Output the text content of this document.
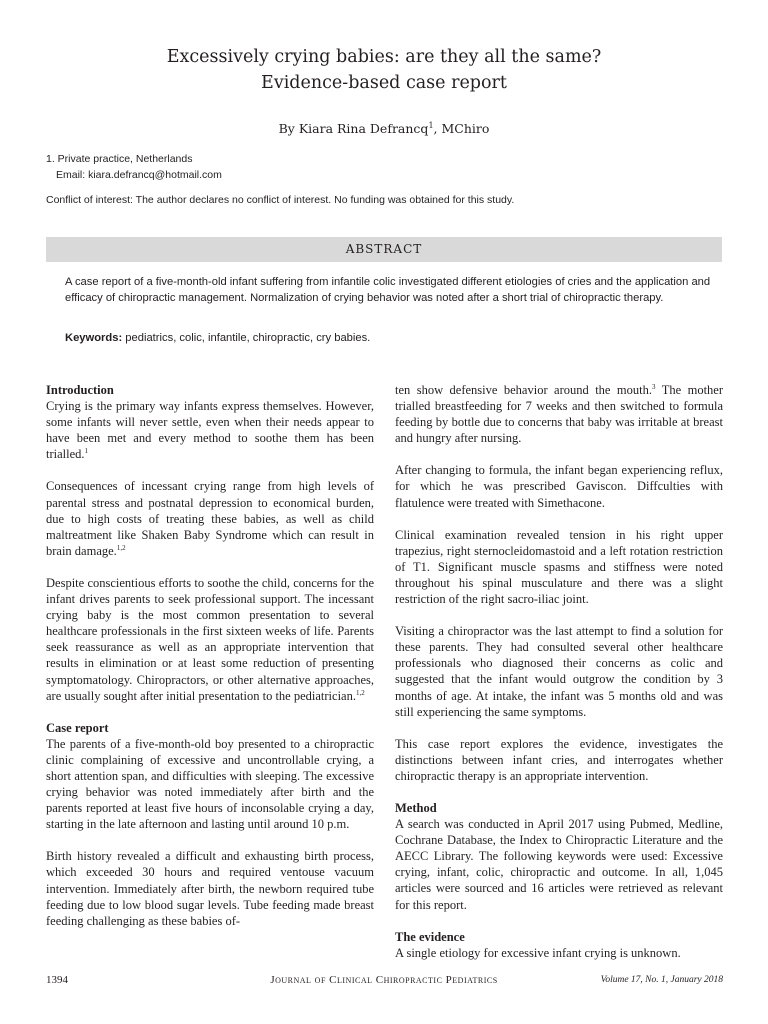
Excessively crying babies: are they all the same?
Evidence-based case report
By Kiara Rina Defrancq$^1$, MChiro
1. Private practice, Netherlands
Email: kiara.defrancq@hotmail.com
Conflict of interest: The author declares no conflict of interest. No funding was obtained for this study.
ABSTRACT
A case report of a five-month-old infant suffering from infantile colic investigated different etiologies of cries and the application and efficacy of chiropractic management. Normalization of crying behavior was noted after a short trial of chiropractic therapy.
Keywords: pediatrics, colic, infantile, chiropractic, cry babies.
Introduction

Crying is the primary way infants express themselves. However, some infants will never settle, even when their needs appear to have been met and every method to soothe them has been trialled.$^1$

Consequences of incessant crying range from high levels of parental stress and postnatal depression to economical burden, due to high costs of treating these babies, as well as child maltreatment like Shaken Baby Syndrome which can result in brain damage.$^{1,2}$

Despite conscientious efforts to soothe the child, concerns for the infant drives parents to seek professional support. The incessant crying baby is the most common presentation to several healthcare professionals in the first sixteen weeks of life. Parents seek reassurance as well as an appropriate intervention that results in elimination or at least some reduction of presenting symptomatology. Chiropractors, or other alternative approaches, are usually sought after initial presentation to the pediatrician.$^{1,2}$

Case report

The parents of a five-month-old boy presented to a chiropractic clinic complaining of excessive and uncontrollable crying, a short attention span, and difficulties with sleeping. The excessive crying behavior was noted immediately after birth and the parents reported at least five hours of inconsolable crying a day, starting in the late afternoon and lasting until around 10 p.m.

Birth history revealed a difficult and exhausting birth process, which exceeded 30 hours and required ventouse vacuum intervention. Immediately after birth, the newborn required tube feeding due to low blood sugar levels. Tube feeding made breast feeding challenging as these babies of-

ten show defensive behavior around the mouth.$^3$ The mother trialled breastfeeding for 7 weeks and then switched to formula feeding by bottle due to concerns that baby was irritable at breast and hungry after nursing.

After changing to formula, the infant began experiencing reflux, for which he was prescribed Gaviscon. Diffculties with flatulence were treated with Simethacone.

Clinical examination revealed tension in his right upper trapezius, right sternocleidomastoid and a left rotation restriction of T1. Significant muscle spasms and stiffness were noted throughout his spinal musculature and there was a slight restriction of the right sacro-iliac joint.

Visiting a chiropractor was the last attempt to find a solution for these parents. They had consulted several other healthcare professionals who diagnosed their concerns as colic and suggested that the infant would outgrow the condition by 3 months of age. At intake, the infant was 5 months old and was still experiencing the same symptoms.

This case report explores the evidence, investigates the distinctions between infant cries, and interrogates whether chiropractic therapy is an appropriate intervention.

Method

A search was conducted in April 2017 using Pubmed, Medline, Cochrane Database, the Index to Chiropractic Literature and the AECC Library. The following keywords were used: Excessive crying, infant, colic, chiropractic and outcome. In all, 1,045 articles were sourced and 16 articles were retrieved as relevant for this report.

The evidence

A single etiology for excessive infant crying is unknown.

1394	Journal of Clinical Chiropractic Pediatrics	Volume 17, No. 1, January 2018
